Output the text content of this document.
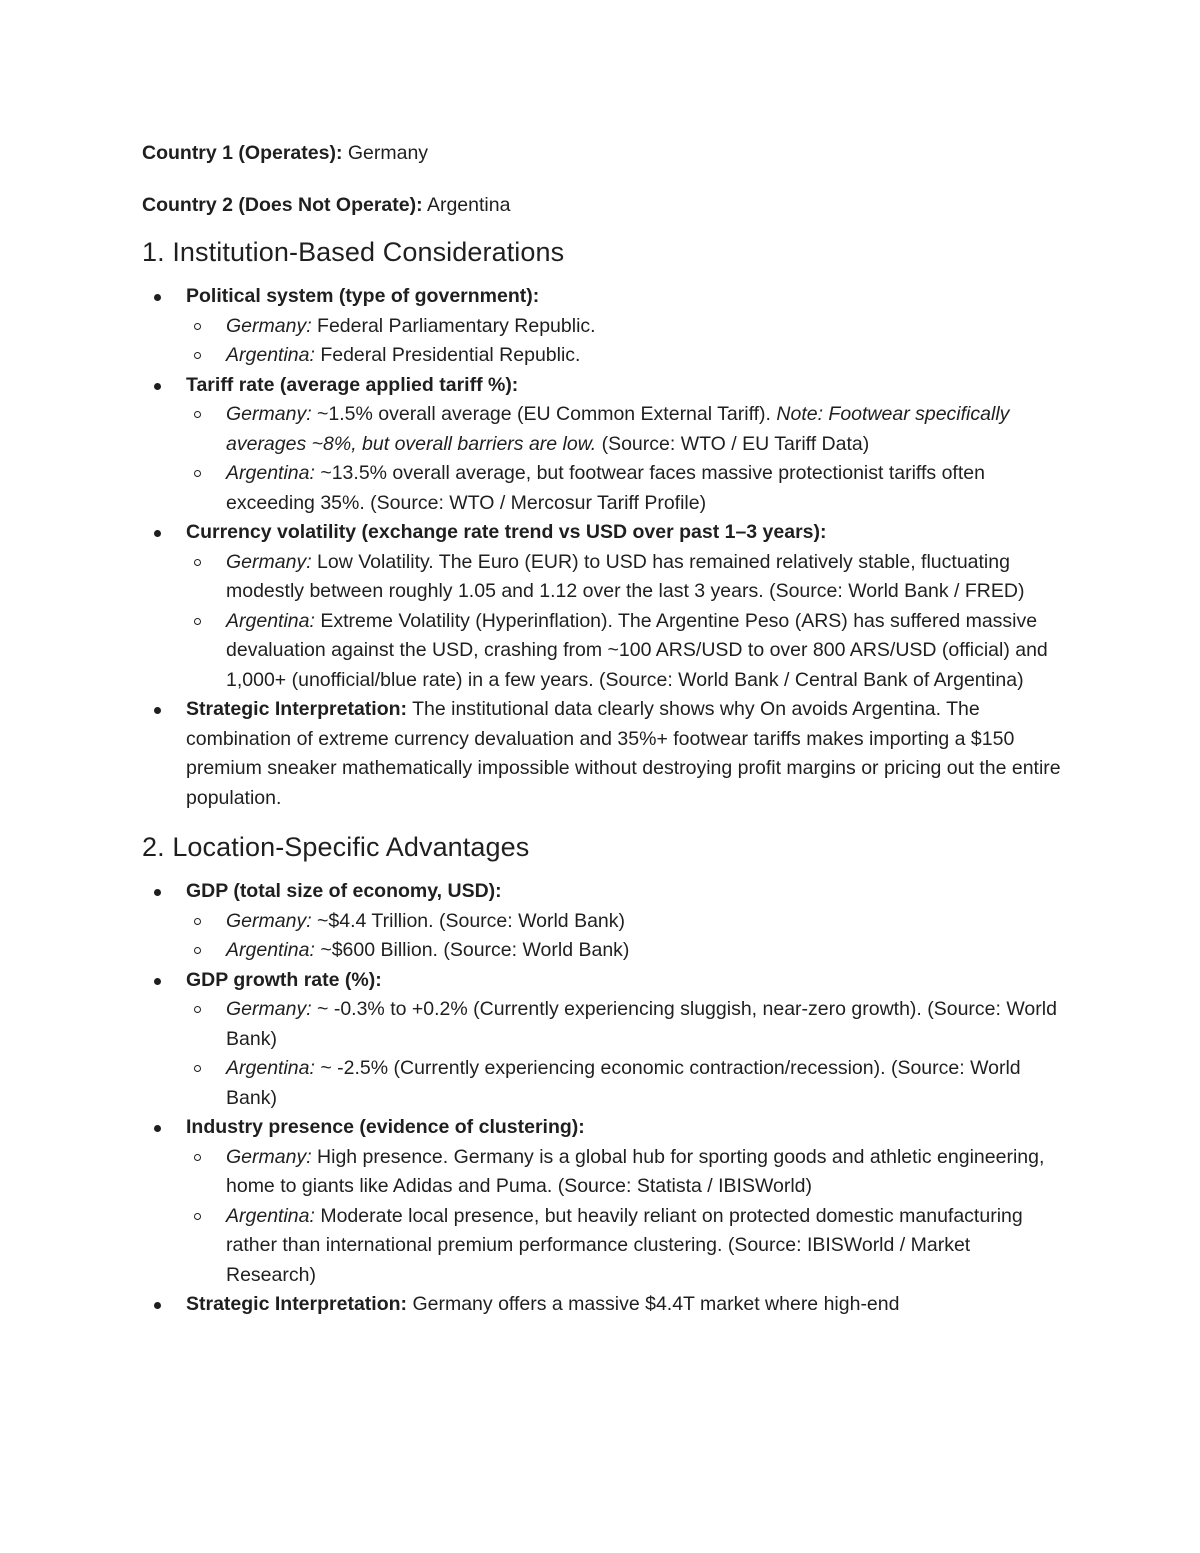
Country 1 (Operates): Germany

Country 2 (Does Not Operate): Argentina

1. Institution-Based Considerations
Political system (type of government):
Germany: Federal Parliamentary Republic.
Argentina: Federal Presidential Republic.
Tariff rate (average applied tariff %):
Germany: ~1.5% overall average (EU Common External Tariff). Note: Footwear specifically averages ~8%, but overall barriers are low. (Source: WTO / EU Tariff Data)
Argentina: ~13.5% overall average, but footwear faces massive protectionist tariffs often exceeding 35%. (Source: WTO / Mercosur Tariff Profile)
Currency volatility (exchange rate trend vs USD over past 1–3 years):
Germany: Low Volatility. The Euro (EUR) to USD has remained relatively stable, fluctuating modestly between roughly 1.05 and 1.12 over the last 3 years. (Source: World Bank / FRED)
Argentina: Extreme Volatility (Hyperinflation). The Argentine Peso (ARS) has suffered massive devaluation against the USD, crashing from ~100 ARS/USD to over 800 ARS/USD (official) and 1,000+ (unofficial/blue rate) in a few years. (Source: World Bank / Central Bank of Argentina)
Strategic Interpretation: The institutional data clearly shows why On avoids Argentina. The combination of extreme currency devaluation and 35%+ footwear tariffs makes importing a $150 premium sneaker mathematically impossible without destroying profit margins or pricing out the entire population.
2. Location-Specific Advantages
GDP (total size of economy, USD):
Germany: ~$4.4 Trillion. (Source: World Bank)
Argentina: ~$600 Billion. (Source: World Bank)
GDP growth rate (%):
Germany: ~ -0.3% to +0.2% (Currently experiencing sluggish, near-zero growth). (Source: World Bank)
Argentina: ~ -2.5% (Currently experiencing economic contraction/recession). (Source: World Bank)
Industry presence (evidence of clustering):
Germany: High presence. Germany is a global hub for sporting goods and athletic engineering, home to giants like Adidas and Puma. (Source: Statista / IBISWorld)
Argentina: Moderate local presence, but heavily reliant on protected domestic manufacturing rather than international premium performance clustering. (Source: IBISWorld / Market Research)
Strategic Interpretation: Germany offers a massive $4.4T market where high-end
